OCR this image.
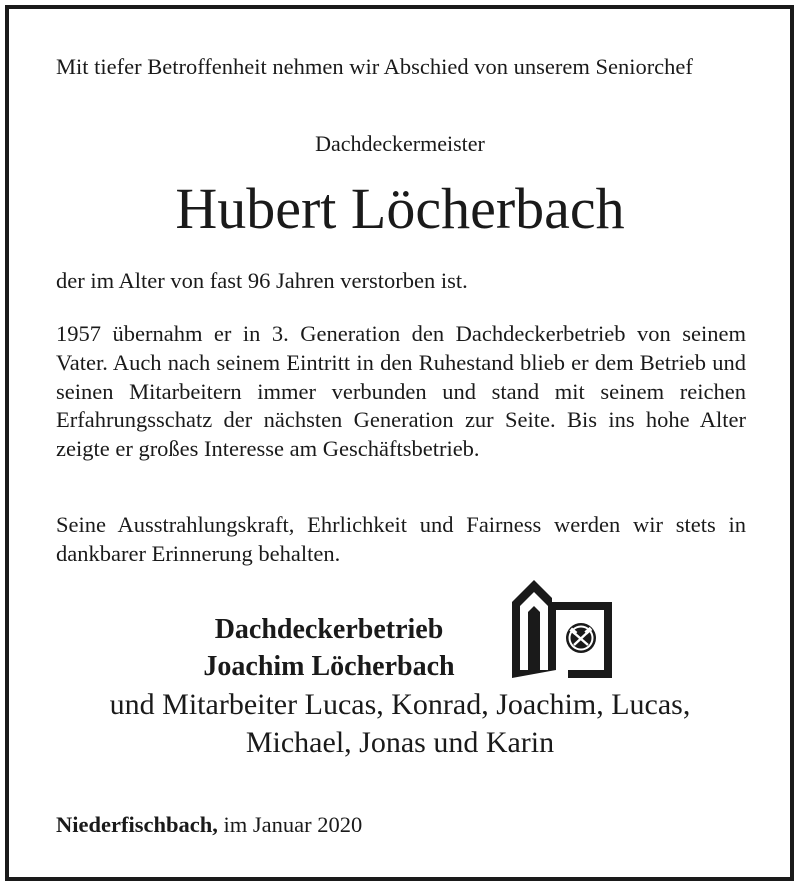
Mit tiefer Betroffenheit nehmen wir Abschied von unserem Seniorchef

Dachdeckermeister

Hubert Löcherbach

der im Alter von fast 96 Jahren verstorben ist.

1957 übernahm er in 3. Generation den Dachdeckerbetrieb von seinem Vater. Auch nach seinem Eintritt in den Ruhestand blieb er dem Betrieb und seinen Mitarbeitern immer verbunden und stand mit seinem reichen Erfahrungsschatz der nächsten Generation zur Seite. Bis ins hohe Alter zeigte er großes Interesse am Geschäftsbetrieb.

Seine Ausstrahlungskraft, Ehrlichkeit und Fairness werden wir stets in dankbarer Erinnerung behalten.

Dachdeckerbetrieb

Joachim Löcherbach

und Mitarbeiter Lucas, Konrad, Joachim, Lucas,
Michael, Jonas und Karin

Niederfischbach, im Januar 2020
